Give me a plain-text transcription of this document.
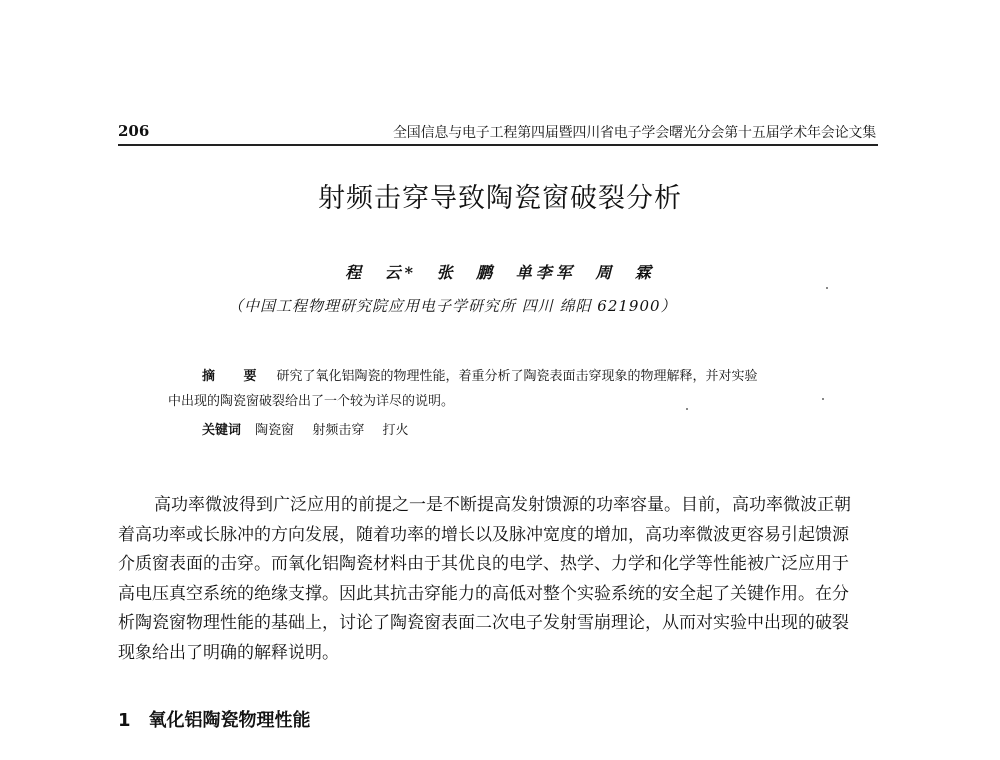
206	全国信息与电子工程第四届暨四川省电子学会曙光分会第十五届学术年会论文集
射频击穿导致陶瓷窗破裂分析
程 云* 张 鹏 单李军 周 霖
（中国工程物理研究院应用电子学研究所 四川 绵阳 621900）
摘 要 研究了氧化铝陶瓷的物理性能，着重分析了陶瓷表面击穿现象的物理解释，并对实验
中出现的陶瓷窗破裂给出了一个较为详尽的说明。
关键词 陶瓷窗 射频击穿 打火
高功率微波得到广泛应用的前提之一是不断提高发射馈源的功率容量。目前，高功率微波正朝
着高功率或长脉冲的方向发展，随着功率的增长以及脉冲宽度的增加，高功率微波更容易引起馈源
介质窗表面的击穿。而氧化铝陶瓷材料由于其优良的电学、热学、力学和化学等性能被广泛应用于
高电压真空系统的绝缘支撑。因此其抗击穿能力的高低对整个实验系统的安全起了关键作用。在分
析陶瓷窗物理性能的基础上，讨论了陶瓷窗表面二次电子发射雪崩理论，从而对实验中出现的破裂
现象给出了明确的解释说明。
1 氧化铝陶瓷物理性能
